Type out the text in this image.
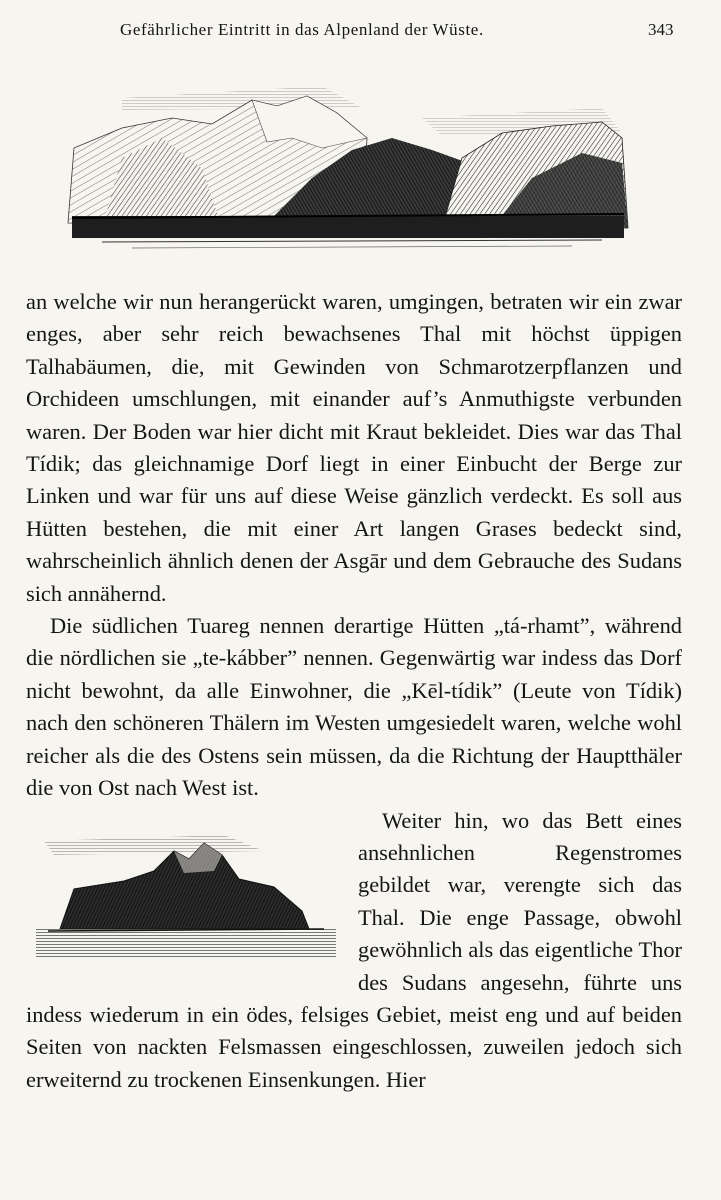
Gefährlicher Eintritt in das Alpenland der Wüste.	343

an welche wir nun herangerückt waren, umgingen, betraten wir ein zwar enges, aber sehr reich bewachsenes Thal mit höchst üppigen Talhabäumen, die, mit Gewinden von Schmarotzerpflanzen und Orchideen umschlungen, mit einander auf’s Anmuthigste verbunden waren. Der Boden war hier dicht mit Kraut bekleidet. Dies war das Thal Tídik; das gleichnamige Dorf liegt in einer Einbucht der Berge zur Linken und war für uns auf diese Weise gänzlich verdeckt. Es soll aus Hütten bestehen, die mit einer Art langen Grases bedeckt sind, wahrscheinlich ähnlich denen der Asgār und dem Gebrauche des Sudans sich annähernd.

Die südlichen Tuareg nennen derartige Hütten „tá-rhamt”, während die nördlichen sie „te-kábber” nennen. Gegenwärtig war indess das Dorf nicht bewohnt, da alle Einwohner, die „Kēl-tídik” (Leute von Tídik) nach den schöneren Thälern im Westen umgesiedelt waren, welche wohl reicher als die des Ostens sein müssen, da die Richtung der Hauptthäler die von Ost nach West ist.

Weiter hin, wo das Bett eines ansehnlichen Regenstromes gebildet war, verengte sich das Thal. Die enge Passage, obwohl gewöhnlich als das eigentliche Thor des Sudans angesehn, führte uns indess wiederum in ein ödes, felsiges Gebiet, meist eng und auf beiden Seiten von nackten Felsmassen eingeschlossen, zuweilen jedoch sich erweiternd zu trockenen Einsenkungen. Hier
